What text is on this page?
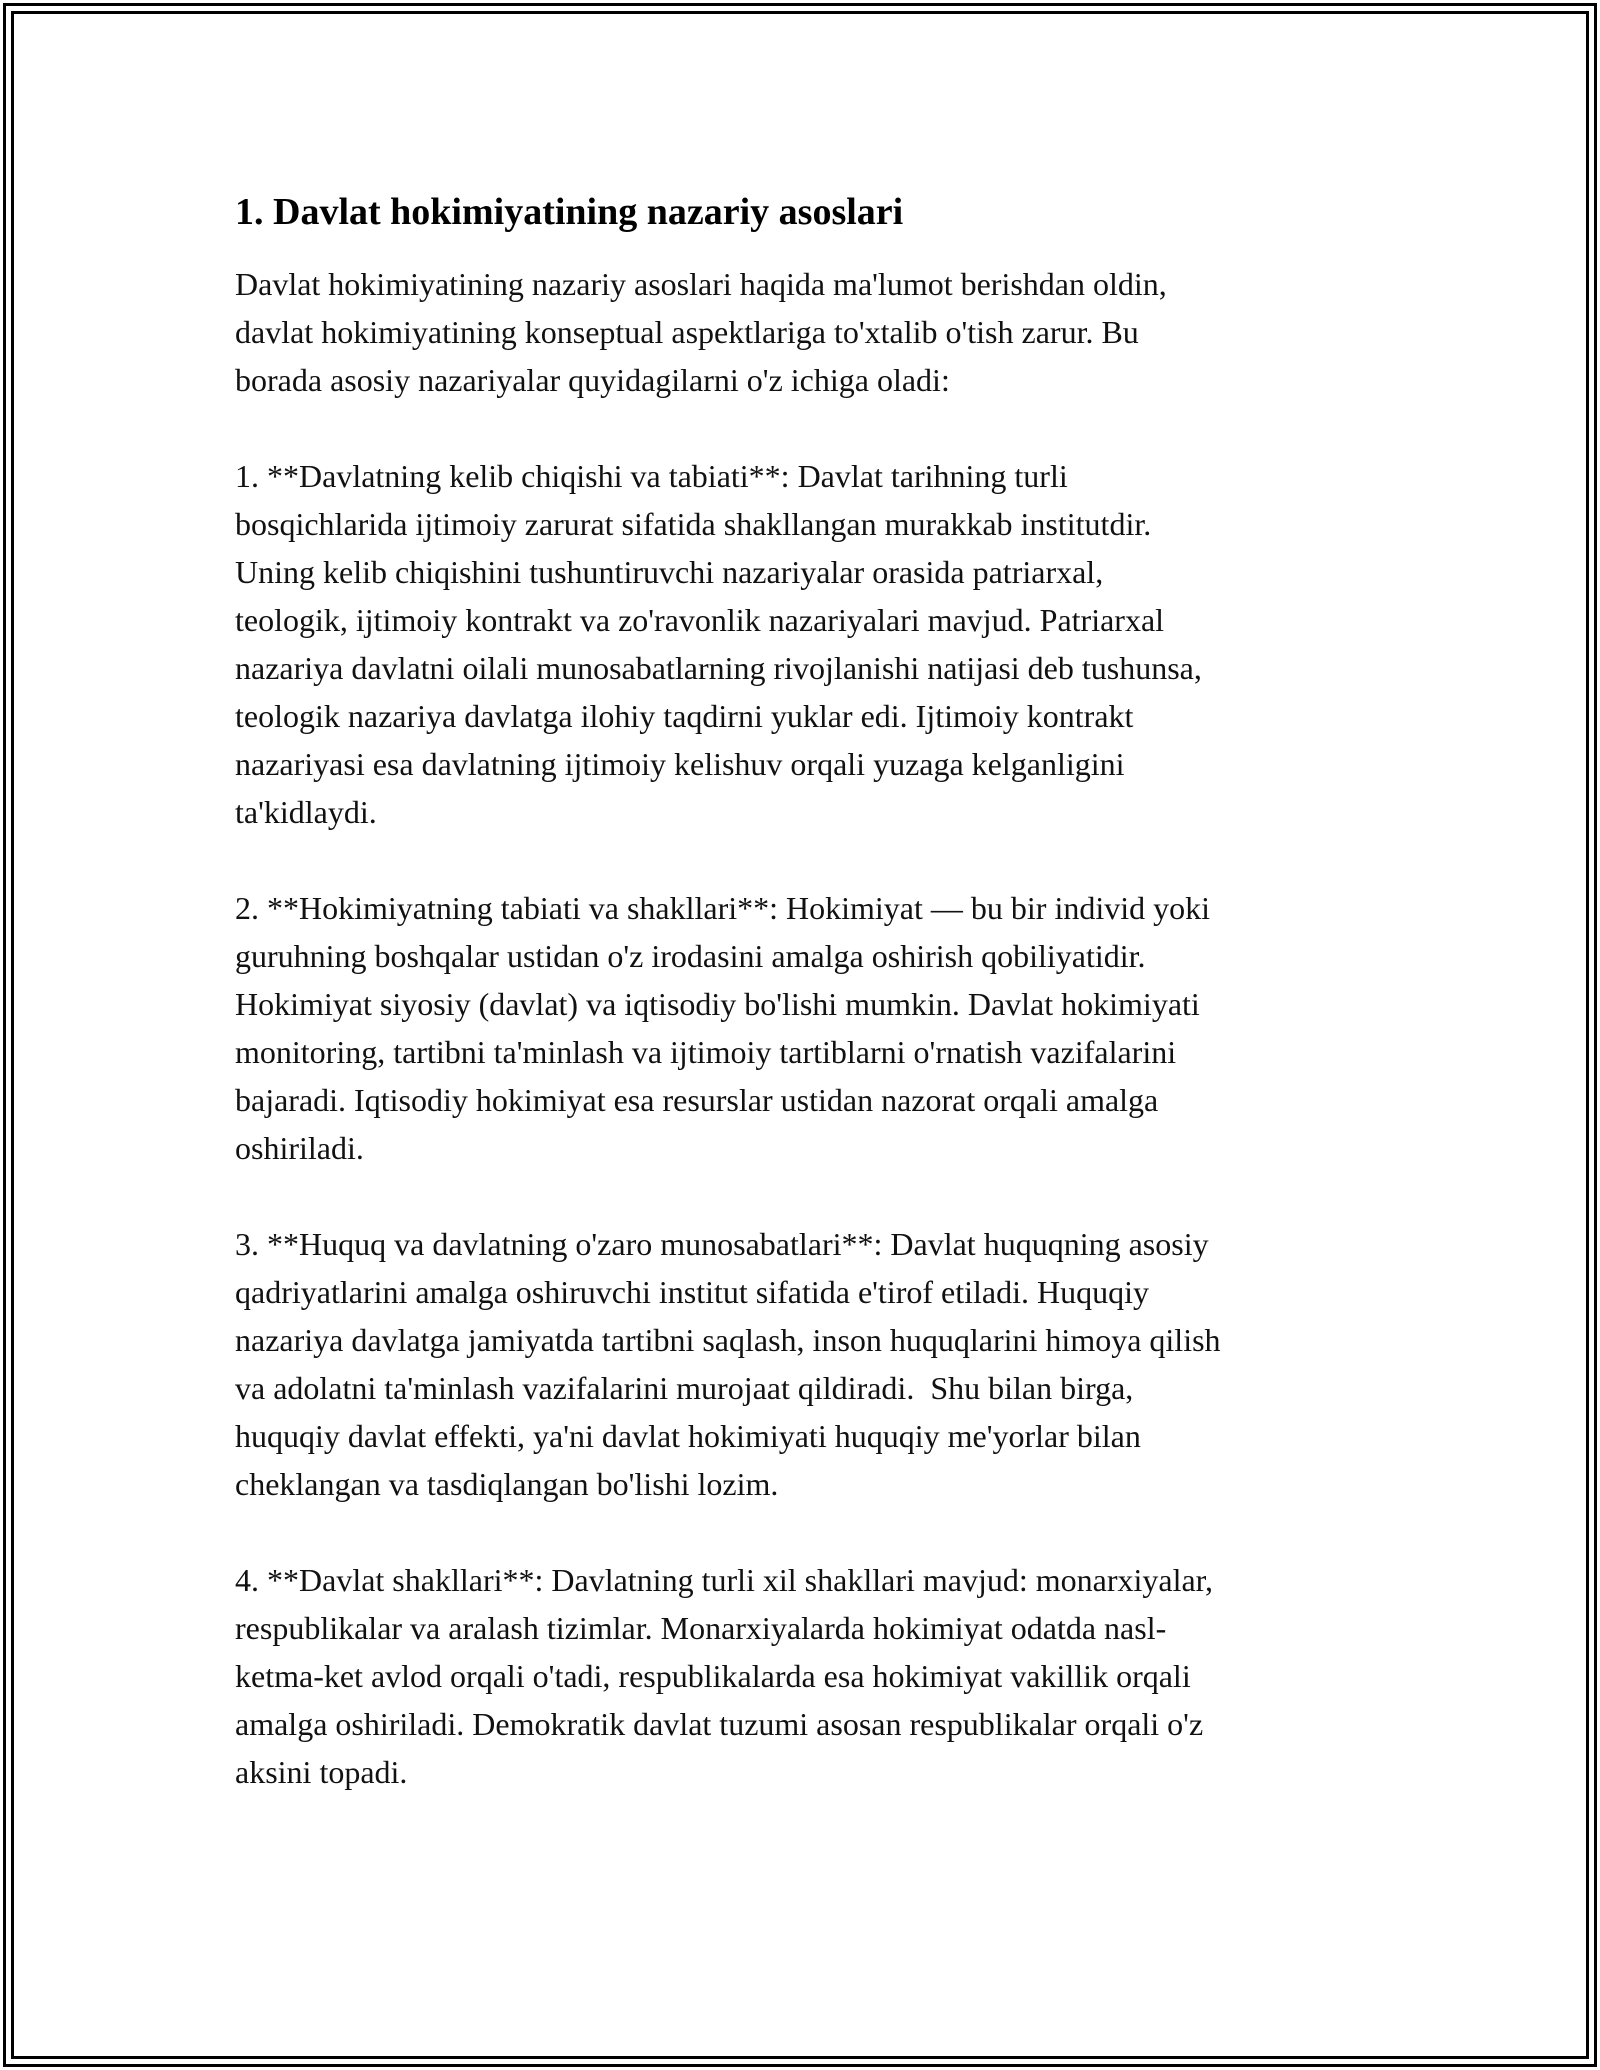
1. Davlat hokimiyatining nazariy asoslari
Davlat hokimiyatining nazariy asoslari haqida ma'lumot berishdan oldin,
davlat hokimiyatining konseptual aspektlariga to'xtalib o'tish zarur. Bu
borada asosiy nazariyalar quyidagilarni o'z ichiga oladi:
1. **Davlatning kelib chiqishi va tabiati**: Davlat tarihning turli
bosqichlarida ijtimoiy zarurat sifatida shakllangan murakkab institutdir.
Uning kelib chiqishini tushuntiruvchi nazariyalar orasida patriarxal,
teologik, ijtimoiy kontrakt va zo'ravonlik nazariyalari mavjud. Patriarxal
nazariya davlatni oilali munosabatlarning rivojlanishi natijasi deb tushunsa,
teologik nazariya davlatga ilohiy taqdirni yuklar edi. Ijtimoiy kontrakt
nazariyasi esa davlatning ijtimoiy kelishuv orqali yuzaga kelganligini
ta'kidlaydi.
2. **Hokimiyatning tabiati va shakllari**: Hokimiyat — bu bir individ yoki
guruhning boshqalar ustidan o'z irodasini amalga oshirish qobiliyatidir.
Hokimiyat siyosiy (davlat) va iqtisodiy bo'lishi mumkin. Davlat hokimiyati
monitoring, tartibni ta'minlash va ijtimoiy tartiblarni o'rnatish vazifalarini
bajaradi. Iqtisodiy hokimiyat esa resurslar ustidan nazorat orqali amalga
oshiriladi.
3. **Huquq va davlatning o'zaro munosabatlari**: Davlat huquqning asosiy
qadriyatlarini amalga oshiruvchi institut sifatida e'tirof etiladi. Huquqiy
nazariya davlatga jamiyatda tartibni saqlash, inson huquqlarini himoya qilish
va adolatni ta'minlash vazifalarini murojaat qildiradi.  Shu bilan birga,
huquqiy davlat effekti, ya'ni davlat hokimiyati huquqiy me'yorlar bilan
cheklangan va tasdiqlangan bo'lishi lozim.
4. **Davlat shakllari**: Davlatning turli xil shakllari mavjud: monarxiyalar,
respublikalar va aralash tizimlar. Monarxiyalarda hokimiyat odatda nasl-
ketma-ket avlod orqali o'tadi, respublikalarda esa hokimiyat vakillik orqali
amalga oshiriladi. Demokratik davlat tuzumi asosan respublikalar orqali o'z
aksini topadi.
